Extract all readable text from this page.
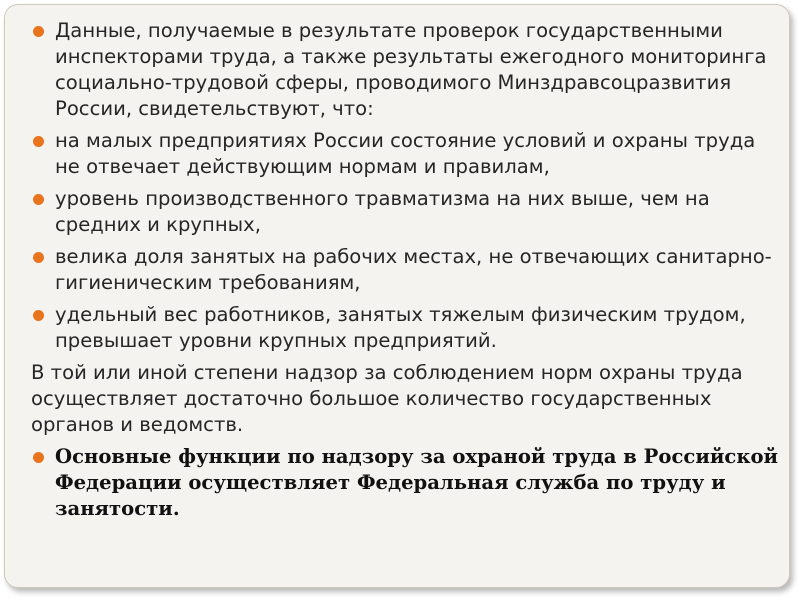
Данные, получаемые в результате проверок государственными инспекторами труда, а также результаты ежегодного мониторинга социально-трудовой сферы, проводимого Минздравсоцразвития России, свидетельствуют, что:
на малых предприятиях России состояние условий и охраны труда не отвечает действующим нормам и правилам,
уровень производственного травматизма на них выше, чем на средних и крупных,
велика доля занятых на рабочих местах, не отвечающих санитарно-гигиеническим требованиям,
удельный вес работников, занятых тяжелым физическим трудом, превышает уровни крупных предприятий.
В той или иной степени надзор за соблюдением норм охраны труда осуществляет достаточно большое количество государственных органов и ведомств.
Основные функции по надзору за охраной труда в Российской Федерации осуществляет Федеральная служба по труду и занятости.
